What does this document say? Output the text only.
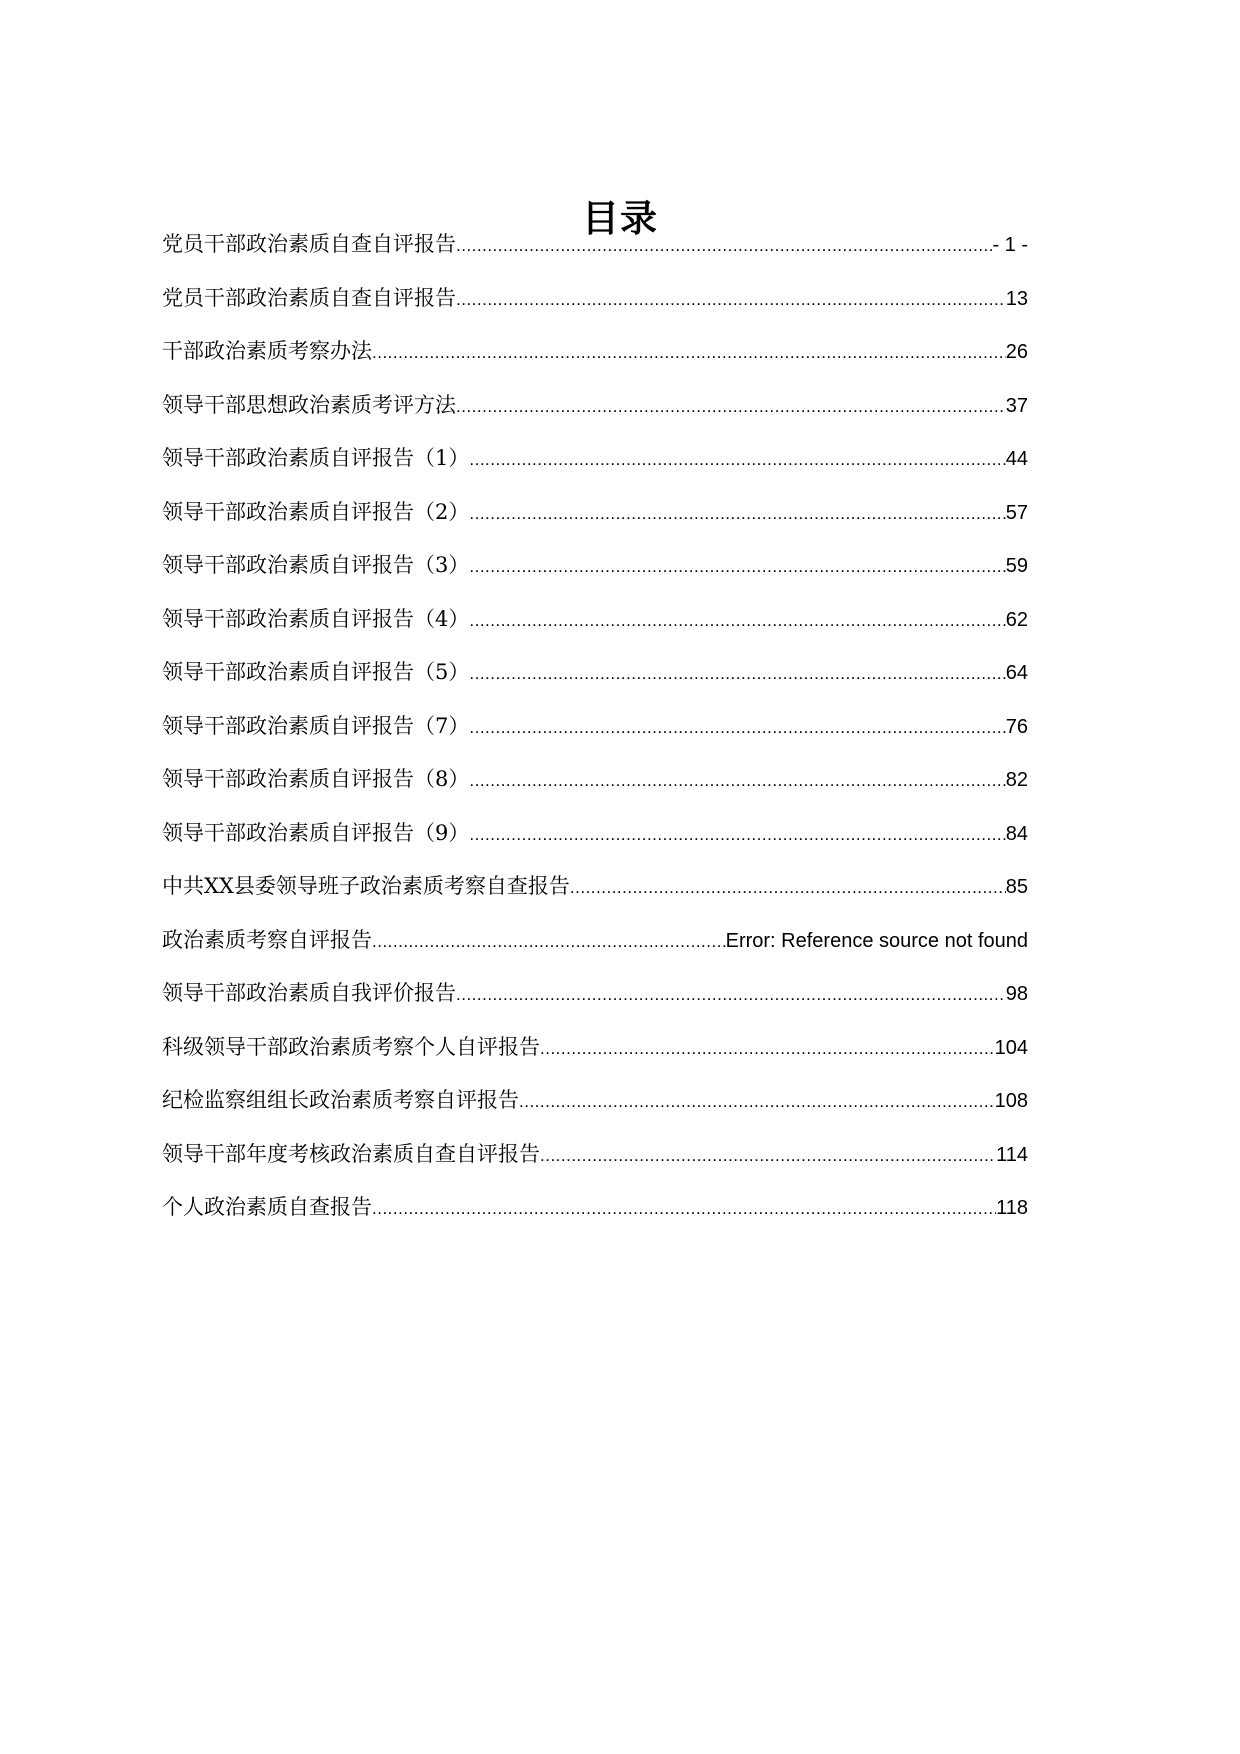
目录
党员干部政治素质自查自评报告 .....	- 1 -
党员干部政治素质自查自评报告 .....	13
干部政治素质考察办法 .....	26
领导干部思想政治素质考评方法 .....	37
领导干部政治素质自评报告（1） .....	44
领导干部政治素质自评报告（2） .....	57
领导干部政治素质自评报告（3） .....	59
领导干部政治素质自评报告（4） .....	62
领导干部政治素质自评报告（5） .....	64
领导干部政治素质自评报告（7） .....	76
领导干部政治素质自评报告（8） .....	82
领导干部政治素质自评报告（9） .....	84
中共XX县委领导班子政治素质考察自查报告 .....	85
政治素质考察自评报告 .....	Error: Reference source not found
领导干部政治素质自我评价报告 .....	98
科级领导干部政治素质考察个人自评报告 .....	104
纪检监察组组长政治素质考察自评报告 .....	108
领导干部年度考核政治素质自查自评报告 .....	114
个人政治素质自查报告 .....	118
